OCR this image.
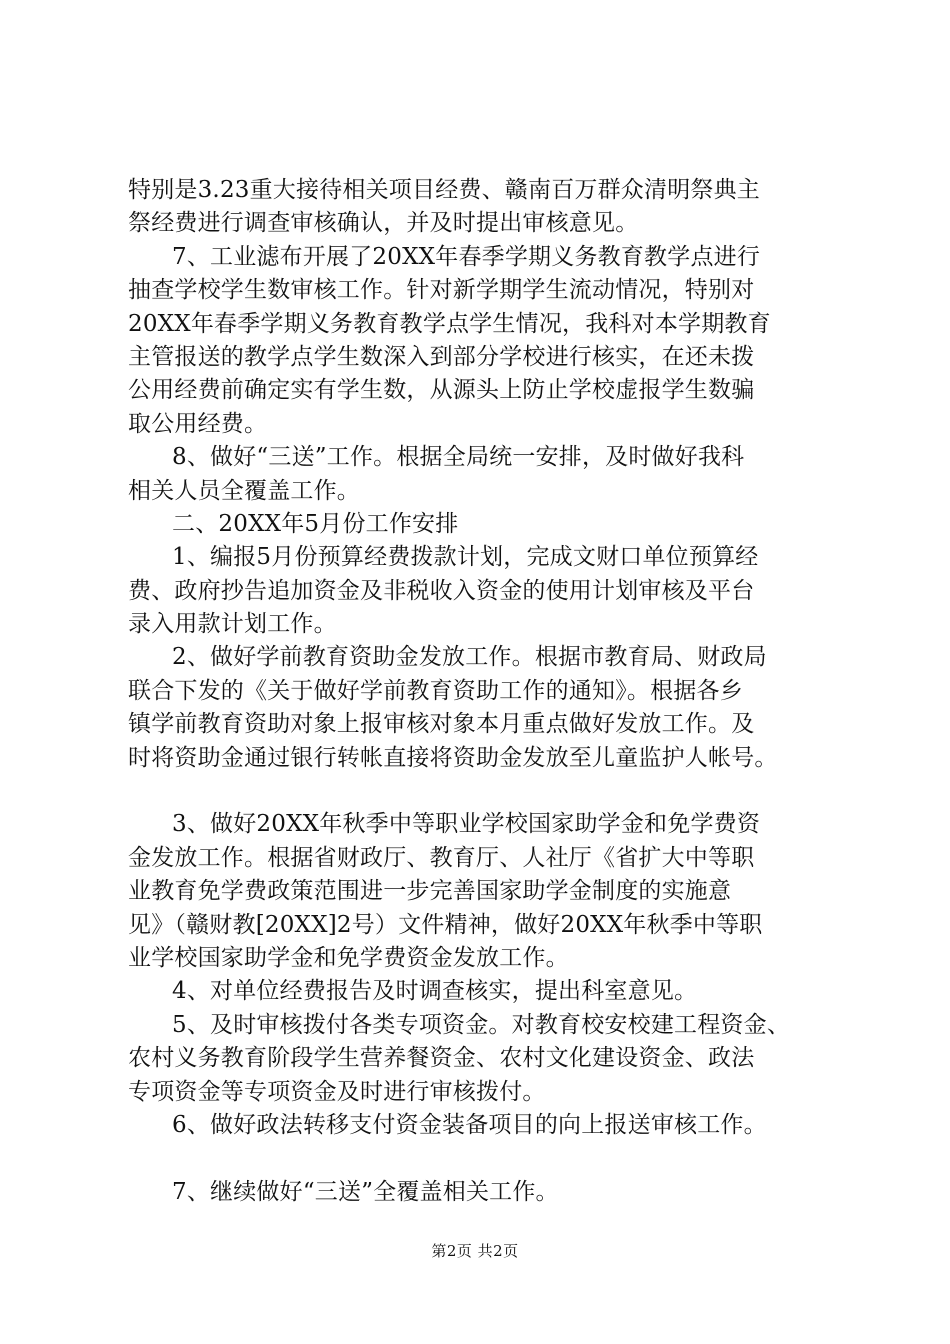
特别是3.23重大接待相关项目经费、赣南百万群众清明祭典主
祭经费进行调查审核确认，并及时提出审核意见。
7、工业滤布开展了20XX年春季学期义务教育教学点进行
抽查学校学生数审核工作。针对新学期学生流动情况，特别对
20XX年春季学期义务教育教学点学生情况，我科对本学期教育
主管报送的教学点学生数深入到部分学校进行核实，在还未拨
公用经费前确定实有学生数，从源头上防止学校虚报学生数骗
取公用经费。
8、做好“三送”工作。根据全局统一安排，及时做好我科
相关人员全覆盖工作。
二、20XX年5月份工作安排
1、编报5月份预算经费拨款计划，完成文财口单位预算经
费、政府抄告追加资金及非税收入资金的使用计划审核及平台
录入用款计划工作。
2、做好学前教育资助金发放工作。根据市教育局、财政局
联合下发的《关于做好学前教育资助工作的通知》。根据各乡
镇学前教育资助对象上报审核对象本月重点做好发放工作。及
时将资助金通过银行转帐直接将资助金发放至儿童监护人帐号。
3、做好20XX年秋季中等职业学校国家助学金和免学费资
金发放工作。根据省财政厅、教育厅、人社厅《省扩大中等职
业教育免学费政策范围进一步完善国家助学金制度的实施意
见》（赣财教[20XX]2号）文件精神，做好20XX年秋季中等职
业学校国家助学金和免学费资金发放工作。
4、对单位经费报告及时调查核实，提出科室意见。
5、及时审核拨付各类专项资金。对教育校安校建工程资金、
农村义务教育阶段学生营养餐资金、农村文化建设资金、政法
专项资金等专项资金及时进行审核拨付。
6、做好政法转移支付资金装备项目的向上报送审核工作。
7、继续做好“三送”全覆盖相关工作。
第2页 共2页
